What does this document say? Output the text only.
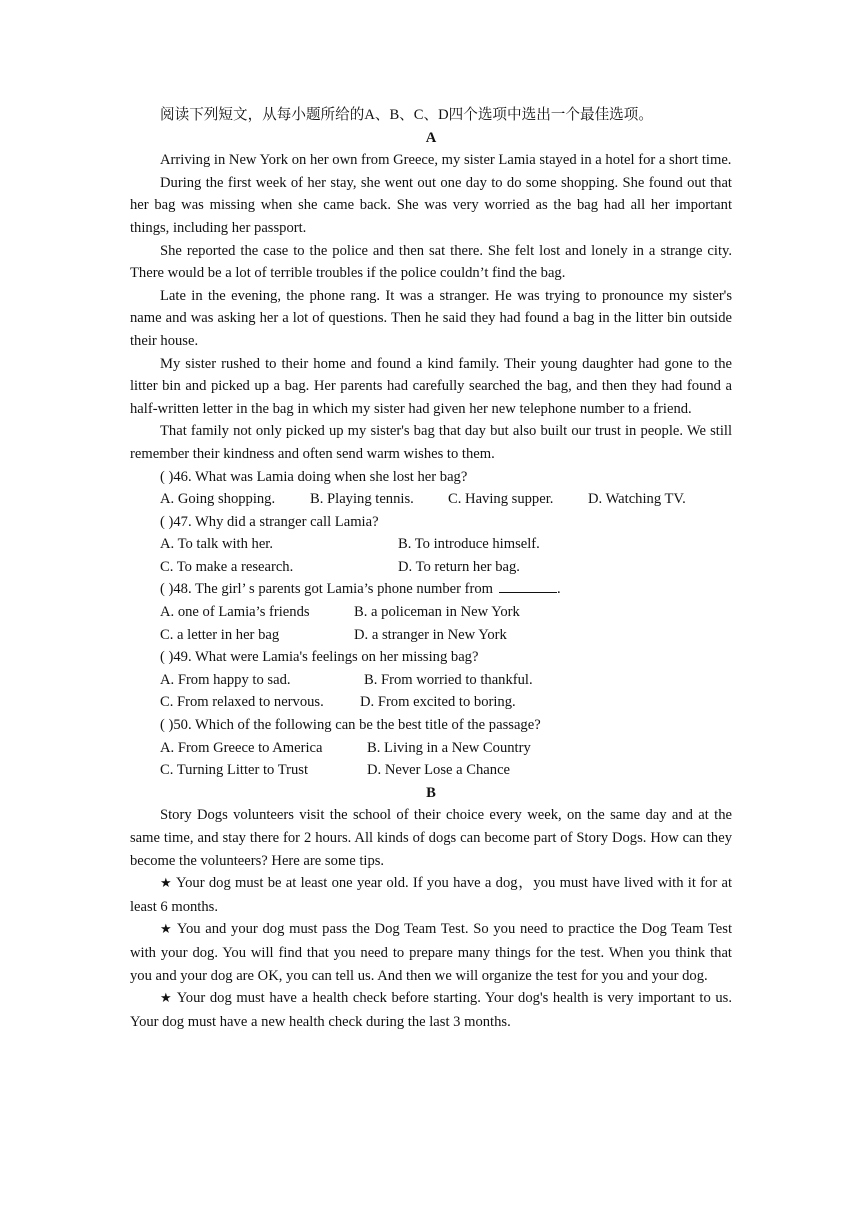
阅读下列短文，从每小题所给的A、B、C、D四个选项中选出一个最佳选项。

A

Arriving in New York on her own from Greece, my sister Lamia stayed in a hotel for a short time.

During the first week of her stay, she went out one day to do some shopping. She found out that her bag was missing when she came back. She was very worried as the bag had all her important things, including her passport.

She reported the case to the police and then sat there. She felt lost and lonely in a strange city. There would be a lot of terrible troubles if the police couldn’t find the bag.

Late in the evening, the phone rang. It was a stranger. He was trying to pronounce my sister's name and was asking her a lot of questions. Then he said they had found a bag in the litter bin outside their house.

My sister rushed to their home and found a kind family. Their young daughter had gone to the litter bin and picked up a bag. Her parents had carefully searched the bag, and then they had found a half-written letter in the bag in which my sister had given her new telephone number to a friend.

That family not only picked up my sister's bag that day but also built our trust in people. We still remember their kindness and often send warm wishes to them.

( )46. What was Lamia doing when she lost her bag?
A. Going shopping. B. Playing tennis. C. Having supper. D. Watching TV.
( )47. Why did a stranger call Lamia?
A. To talk with her.	B. To introduce himself.
C. To make a research.	D. To return her bag.
( )48. The girl’ s parents got Lamia’s phone number from	.
A. one of Lamia’s friends	B. a policeman in New York
C. a letter in her bag	D. a stranger in New York
( )49. What were Lamia's feelings on her missing bag?
A. From happy to sad.	B. From worried to thankful.
C. From relaxed to nervous. D. From excited to boring.
( )50. Which of the following can be the best title of the passage?
A. From Greece to America	B. Living in a New Country
C. Turning Litter to Trust	D. Never Lose a Chance

B

Story Dogs volunteers visit the school of their choice every week, on the same day and at the same time, and stay there for 2 hours. All kinds of dogs can become part of Story Dogs. How can they become the volunteers? Here are some tips.

★ Your dog must be at least one year old. If you have a dog，you must have lived with it for at least 6 months.

★ You and your dog must pass the Dog Team Test. So you need to practice the Dog Team Test with your dog. You will find that you need to prepare many things for the test. When you think that you and your dog are OK, you can tell us. And then we will organize the test for you and your dog.

★ Your dog must have a health check before starting. Your dog's health is very important to us. Your dog must have a new health check during the last 3 months.
